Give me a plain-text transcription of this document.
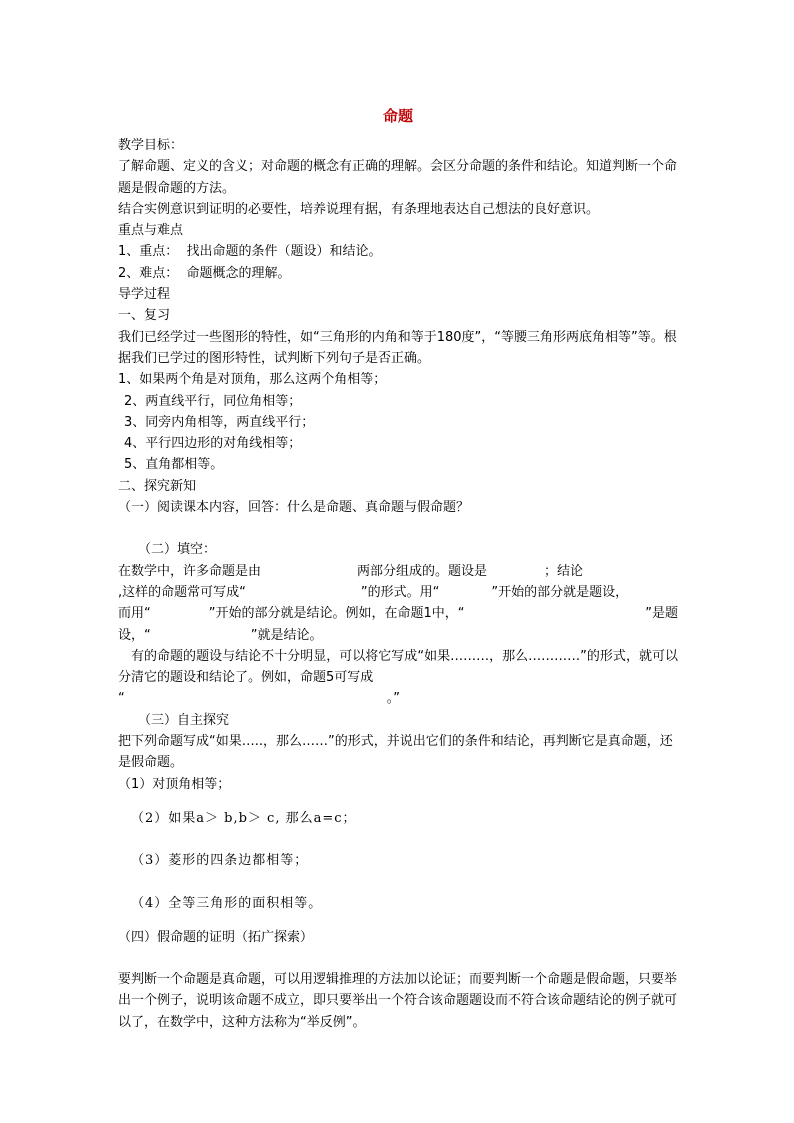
命题
教学目标：
了解命题、定义的含义；对命题的概念有正确的理解。会区分命题的条件和结论。知道判断一个命题是假命题的方法。
结合实例意识到证明的必要性，培养说理有据，有条理地表达自己想法的良好意识。
重点与难点
1、重点：  找出命题的条件（题设）和结论。
2、难点：  命题概念的理解。
导学过程
一、复习
我们已经学过一些图形的特性，如“三角形的内角和等于180度”，“等腰三角形两底角相等”等。根据我们已学过的图形特性，试判断下列句子是否正确。
1、如果两个角是对顶角，那么这两个角相等；
2、两直线平行，同位角相等；
3、同旁内角相等，两直线平行；
4、平行四边形的对角线相等；
5、直角都相等。
二、探究新知
（一）阅读课本内容，回答：什么是命题、真命题与假命题？
（二）填空：
在数学中，许多命题是由	两部分组成的。题设是	；结论
,这样的命题常可写成“	”的形式。用“	”开始的部分就是题设，
而用“	”开始的部分就是结论。例如，在命题1中，“	”是题
设，“	”就是结论。
有的命题的题设与结论不十分明显，可以将它写成“如果………，那么…………”的形式，就可以分清它的题设和结论了。例如，命题5可写成
“	。”
（三）自主探究
把下列命题写成“如果…..，那么……”的形式，并说出它们的条件和结论，再判断它是真命题，还是假命题。
（1）对顶角相等；
（2）如果a＞ b,b＞ c, 那么a=c；
（3）菱形的四条边都相等；
（4）全等三角形的面积相等。
（四）假命题的证明（拓广探索）
要判断一个命题是真命题，可以用逻辑推理的方法加以论证；而要判断一个命题是假命题，只要举出一个例子，说明该命题不成立，即只要举出一个符合该命题题设而不符合该命题结论的例子就可以了，在数学中，这种方法称为“举反例”。
